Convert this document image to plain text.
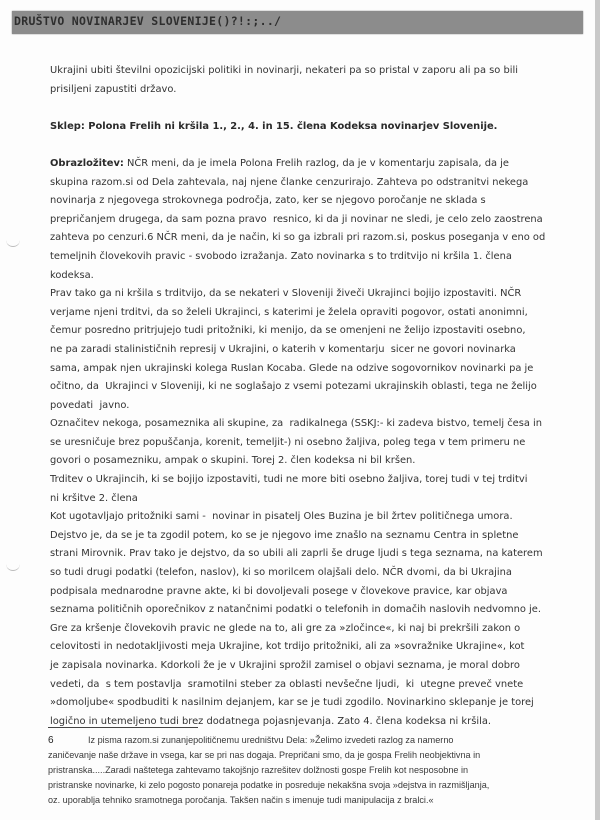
DRUŠTVO NOVINARJEV SLOVENIJE()?!:;../
Ukrajini ubiti številni opozicijski politiki in novinarji, nekateri pa so pristal v zaporu ali pa so bili
prisiljeni zapustiti državo.
Sklep: Polona Frelih ni kršila 1., 2., 4. in 15. člena Kodeksa novinarjev Slovenije.
Obrazložitev: NČR meni, da je imela Polona Frelih razlog, da je v komentarju zapisala, da je
skupina razom.si od Dela zahtevala, naj njene članke cenzurirajo. Zahteva po odstranitvi nekega
novinarja z njegovega strokovnega področja, zato, ker se njegovo poročanje ne sklada s
prepričanjem drugega, da sam pozna pravo  resnico, ki da ji novinar ne sledi, je celo zelo zaostrena
zahteva po cenzuri.6 NČR meni, da je način, ki so ga izbrali pri razom.si, poskus poseganja v eno od
temeljnih človekovih pravic - svobodo izražanja. Zato novinarka s to trditvijo ni kršila 1. člena
kodeksa.
Prav tako ga ni kršila s trditvijo, da se nekateri v Sloveniji živeči Ukrajinci bojijo izpostaviti. NČR
verjame njeni trditvi, da so želeli Ukrajinci, s katerimi je želela opraviti pogovor, ostati anonimni,
čemur posredno pritrjujejo tudi pritožniki, ki menijo, da se omenjeni ne želijo izpostaviti osebno,
ne pa zaradi stalinističnih represij v Ukrajini, o katerih v komentarju  sicer ne govori novinarka
sama, ampak njen ukrajinski kolega Ruslan Kocaba. Glede na odzive sogovornikov novinarki pa je
očitno, da  Ukrajinci v Sloveniji, ki ne soglašajo z vsemi potezami ukrajinskih oblasti, tega ne želijo
povedati  javno.
Označitev nekoga, posameznika ali skupine, za  radikalnega (SSKJ:- ki zadeva bistvo, temelj česa in
se uresničuje brez popuščanja, korenit, temeljit-) ni osebno žaljiva, poleg tega v tem primeru ne
govori o posamezniku, ampak o skupini. Torej 2. člen kodeksa ni bil kršen.
Trditev o Ukrajincih, ki se bojijo izpostaviti, tudi ne more biti osebno žaljiva, torej tudi v tej trditvi
ni kršitve 2. člena
Kot ugotavljajo pritožniki sami -  novinar in pisatelj Oles Buzina je bil žrtev političnega umora.
Dejstvo je, da se je ta zgodil potem, ko se je njegovo ime znašlo na seznamu Centra in spletne
strani Mirovnik. Prav tako je dejstvo, da so ubili ali zaprli še druge ljudi s tega seznama, na katerem
so tudi drugi podatki (telefon, naslov), ki so morilcem olajšali delo. NČR dvomi, da bi Ukrajina
podpisala mednarodne pravne akte, ki bi dovoljevali posege v človekove pravice, kar objava
seznama političnih oporečnikov z natančnimi podatki o telefonih in domačih naslovih nedvomno je.
Gre za kršenje človekovih pravic ne glede na to, ali gre za »zločince«, ki naj bi prekršili zakon o
celovitosti in nedotakljivosti meja Ukrajine, kot trdijo pritožniki, ali za »sovražnike Ukrajine«, kot
je zapisala novinarka. Kdorkoli že je v Ukrajini sprožil zamisel o objavi seznama, je moral dobro
vedeti, da  s tem postavlja  sramotilni steber za oblasti nevšečne ljudi,  ki  utegne preveč vnete
»domoljube« spodbuditi k nasilnim dejanjem, kar se je tudi zgodilo. Novinarkino sklepanje je torej
logično in utemeljeno tudi brez dodatnega pojasnjevanja. Zato 4. člena kodeksa ni kršila.
6	Iz pisma razom.si zunanjepolitičnemu uredništvu Dela: »Želimo izvedeti razlog za namerno
zaničevanje naše države in vsega, kar se pri nas dogaja. Prepričani smo, da je gospa Frelih neobjektivna in
pristranska.....Zaradi naštetega zahtevamo takojšnjo razrešitev dolžnosti gospe Frelih kot nesposobne in
pristranske novinarke, ki zelo pogosto ponareja podatke in posreduje nekakšna svoja »dejstva in razmišljanja,
oz. uporablja tehniko sramotnega poročanja. Takšen način s imenuje tudi manipulacija z bralci.«
